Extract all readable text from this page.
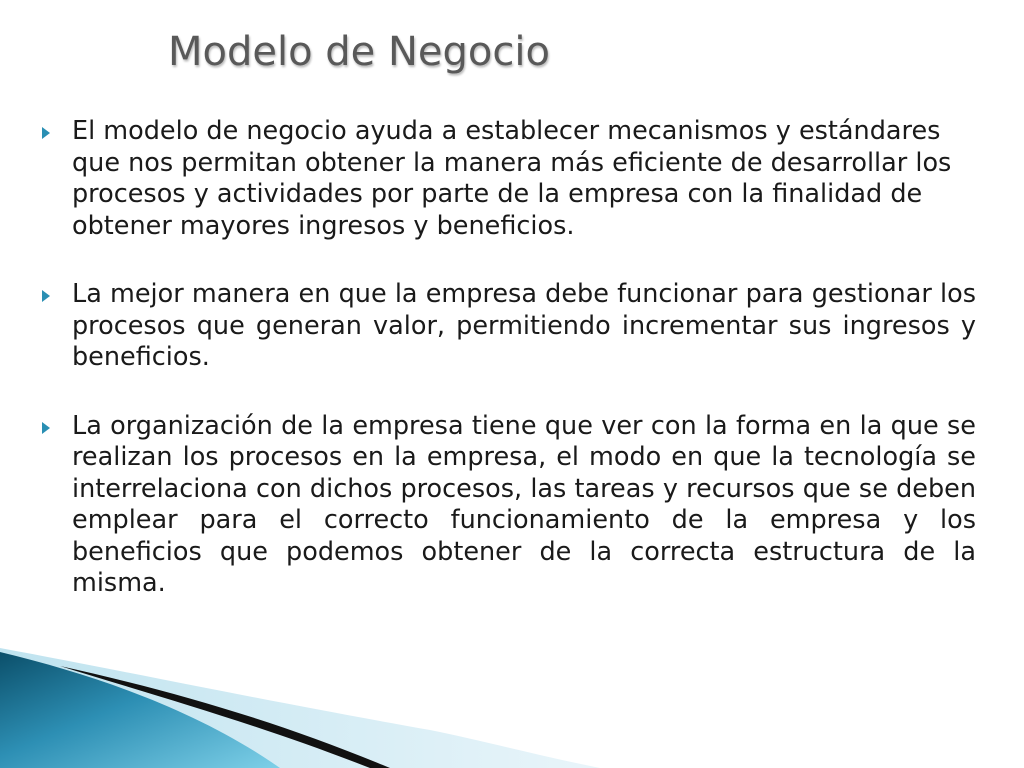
Modelo de Negocio
El modelo de negocio ayuda a establecer mecanismos y estándares que nos permitan obtener la manera más eficiente de desarrollar los procesos y actividades por parte de la empresa con la finalidad de obtener mayores ingresos y beneficios.
La mejor manera en que la empresa debe funcionar para gestionar los procesos que generan valor, permitiendo incrementar sus ingresos y beneficios.
La organización de la empresa tiene que ver con la forma en la que se realizan los procesos en la empresa, el modo en que la tecnología se interrelaciona con dichos procesos, las tareas y recursos que se deben emplear para el correcto funcionamiento de la empresa y los beneficios que podemos obtener de la correcta estructura de la misma.
